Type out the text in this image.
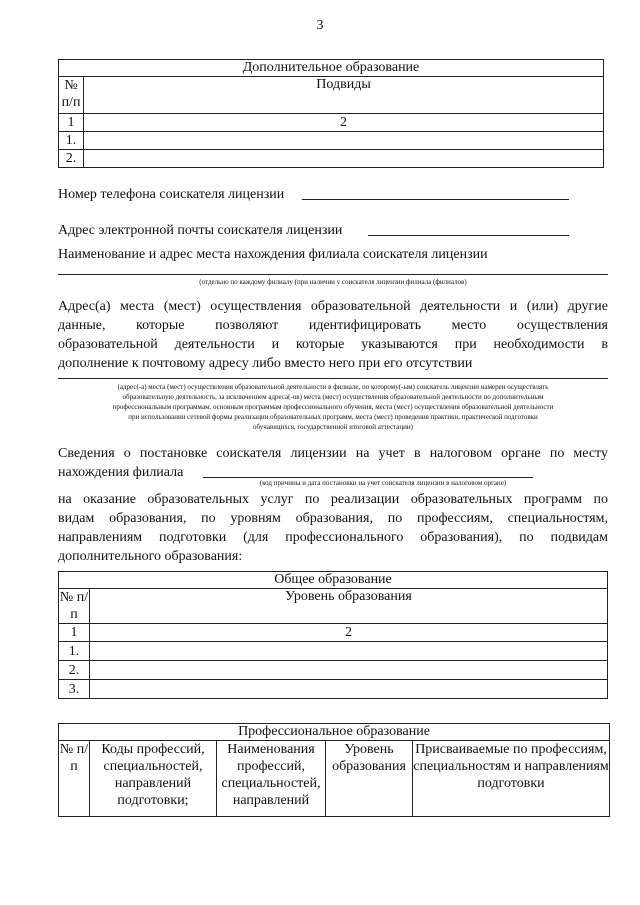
3
Дополнительное образование	
№ п/п	Подвиды
1	2
1.	
2.	
Номер телефона соискателя лицензии
Адрес электронной почты соискателя лицензии
Наименование и адрес места нахождения филиала соискателя лицензии
(отдельно по каждому филиалу (при наличии у соискателя лицензии филиала (филиалов)
Адрес(а) места (мест) осуществления образовательной деятельности и (или) другие
данные, которые позволяют идентифицировать место осуществления
образовательной деятельности и которые указываются при необходимости в
дополнение к почтовому адресу либо вместо него при его отсутствии
(адрес(-а) места (мест) осуществления образовательной деятельности в филиале, по которому(-ым) соискатель лицензии намерен осуществлять
образовательную деятельность, за исключением адреса(-ов) места (мест) осуществления образовательной деятельности по дополнительным
профессиональным программам, основным программам профессионального обучения, места (мест) осуществления образовательной деятельности
при использовании сетевой формы реализации образовательных программ, места (мест) проведения практики, практической подготовки
обучающихся, государственной итоговой аттестации)
Сведения о постановке соискателя лицензии на учет в налоговом органе по месту
нахождения филиала
(код причины и дата постановки на учет соискателя лицензии в налоговом органе)
на оказание образовательных услуг по реализации образовательных программ по
видам образования, по уровням образования, по профессиям, специальностям,
направлениям подготовки (для профессионального образования), по подвидам
дополнительного образования:
Общее образование	
№ п/п	Уровень образования
1	2
1.	
2.	
3.	
Профессиональное образование
№ п/п	Коды профессий, специальностей, направлений подготовки;	Наименования профессий, специальностей, направлений	Уровень образования	Присваиваемые по профессиям, специальностям и направлениям подготовки
